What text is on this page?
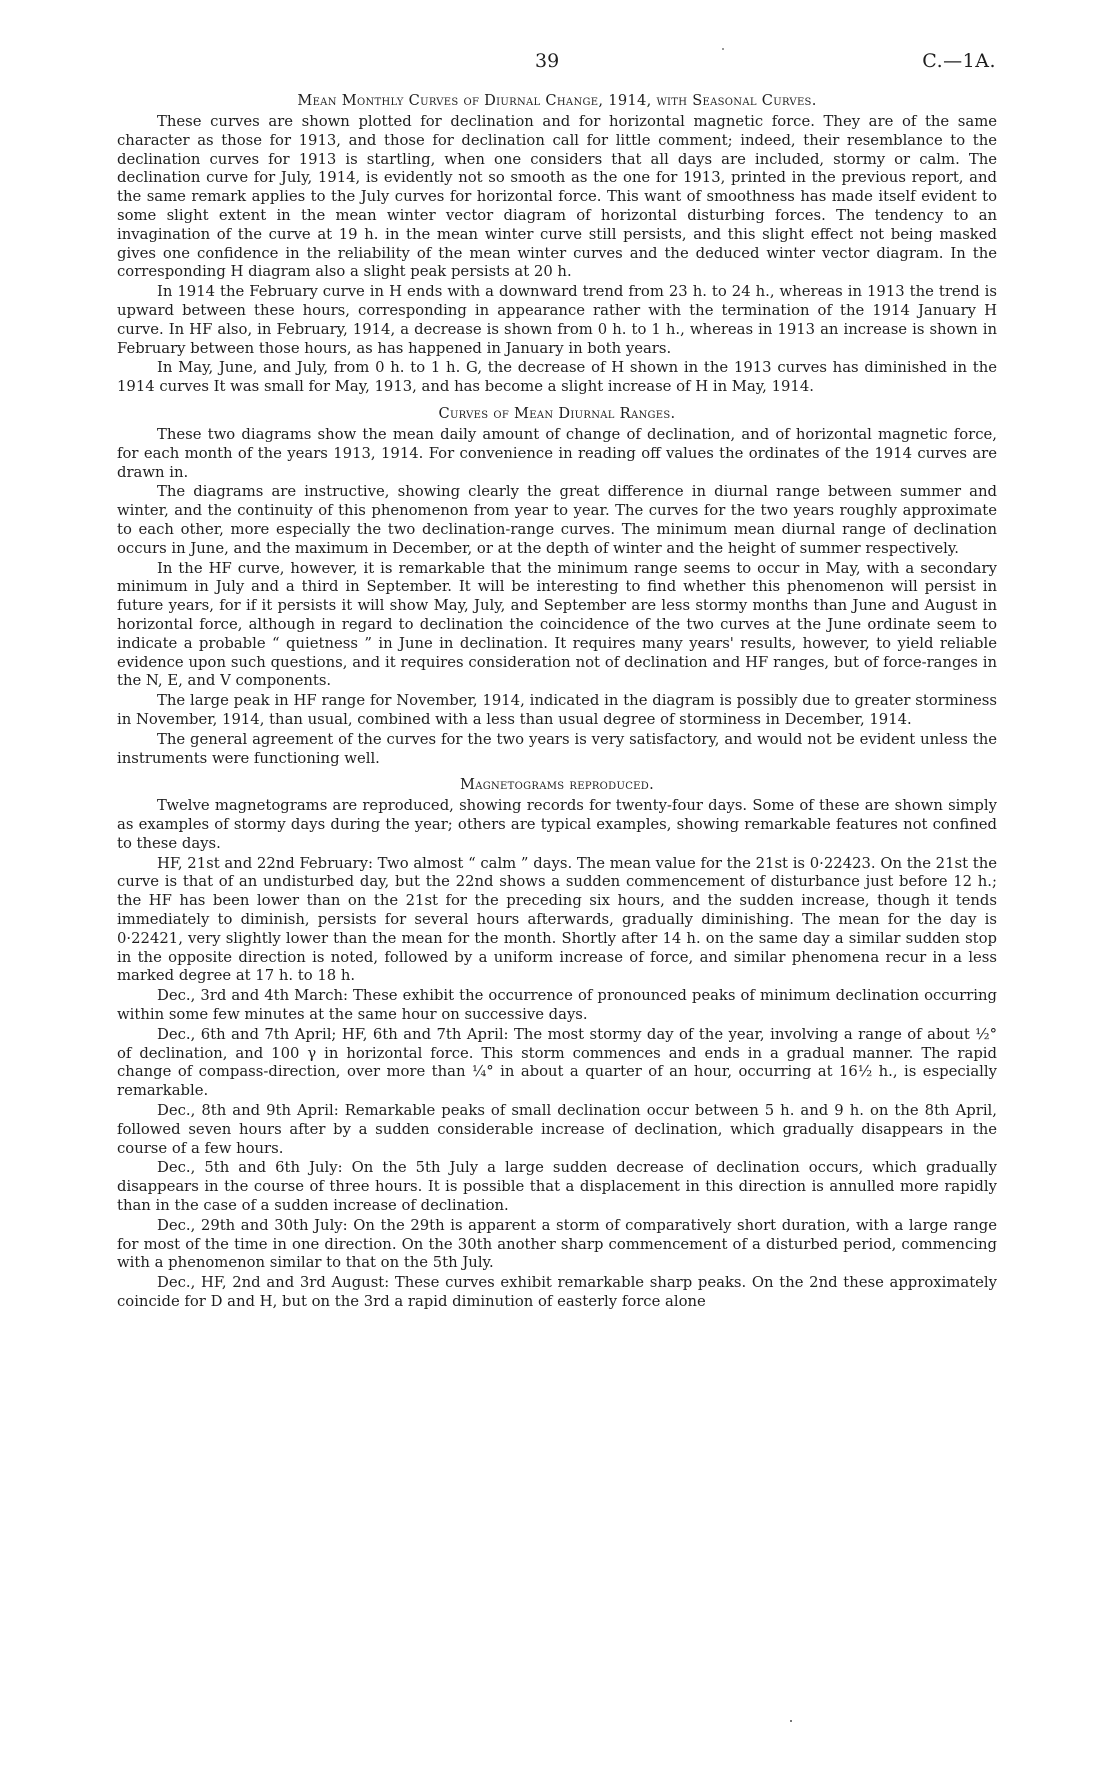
39	C.—1A.
Mean Monthly Curves of Diurnal Change, 1914, with Seasonal Curves.

These curves are shown plotted for declination and for horizontal magnetic force. They are of the same character as those for 1913, and those for declination call for little comment; indeed, their resemblance to the declination curves for 1913 is startling, when one considers that all days are included, stormy or calm. The declination curve for July, 1914, is evidently not so smooth as the one for 1913, printed in the previous report, and the same remark applies to the July curves for horizontal force. This want of smoothness has made itself evident to some slight extent in the mean winter vector diagram of horizontal disturbing forces. The tendency to an invagination of the curve at 19 h. in the mean winter curve still persists, and this slight effect not being masked gives one confidence in the reliability of the mean winter curves and the deduced winter vector diagram. In the corresponding H diagram also a slight peak persists at 20 h.

In 1914 the February curve in H ends with a downward trend from 23 h. to 24 h., whereas in 1913 the trend is upward between these hours, corresponding in appearance rather with the termination of the 1914 January H curve. In HF also, in February, 1914, a decrease is shown from 0 h. to 1 h., whereas in 1913 an increase is shown in February between those hours, as has happened in January in both years.

In May, June, and July, from 0 h. to 1 h. G, the decrease of H shown in the 1913 curves has diminished in the 1914 curves It was small for May, 1913, and has become a slight increase of H in May, 1914.

Curves of Mean Diurnal Ranges.

These two diagrams show the mean daily amount of change of declination, and of horizontal magnetic force, for each month of the years 1913, 1914. For convenience in reading off values the ordinates of the 1914 curves are drawn in.

The diagrams are instructive, showing clearly the great difference in diurnal range between summer and winter, and the continuity of this phenomenon from year to year. The curves for the two years roughly approximate to each other, more especially the two declination-range curves. The minimum mean diurnal range of declination occurs in June, and the maximum in December, or at the depth of winter and the height of summer respectively.

In the HF curve, however, it is remarkable that the minimum range seems to occur in May, with a secondary minimum in July and a third in September. It will be interesting to find whether this phenomenon will persist in future years, for if it persists it will show May, July, and September are less stormy months than June and August in horizontal force, although in regard to declination the coincidence of the two curves at the June ordinate seem to indicate a probable “ quietness ” in June in declination. It requires many years' results, however, to yield reliable evidence upon such questions, and it requires consideration not of declination and HF ranges, but of force-ranges in the N, E, and V components.

The large peak in HF range for November, 1914, indicated in the diagram is possibly due to greater storminess in November, 1914, than usual, combined with a less than usual degree of storminess in December, 1914.

The general agreement of the curves for the two years is very satisfactory, and would not be evident unless the instruments were functioning well.

Magnetograms reproduced.

Twelve magnetograms are reproduced, showing records for twenty-four days. Some of these are shown simply as examples of stormy days during the year; others are typical examples, showing remarkable features not confined to these days.

HF, 21st and 22nd February: Two almost “ calm ” days. The mean value for the 21st is 0·22423. On the 21st the curve is that of an undisturbed day, but the 22nd shows a sudden commencement of disturbance just before 12 h.; the HF has been lower than on the 21st for the preceding six hours, and the sudden increase, though it tends immediately to diminish, persists for several hours afterwards, gradually diminishing. The mean for the day is 0·22421, very slightly lower than the mean for the month. Shortly after 14 h. on the same day a similar sudden stop in the opposite direction is noted, followed by a uniform increase of force, and similar phenomena recur in a less marked degree at 17 h. to 18 h.

Dec., 3rd and 4th March: These exhibit the occurrence of pronounced peaks of minimum declination occurring within some few minutes at the same hour on successive days.

Dec., 6th and 7th April; HF, 6th and 7th April: The most stormy day of the year, involving a range of about ½° of declination, and 100 γ in horizontal force. This storm commences and ends in a gradual manner. The rapid change of compass-direction, over more than ¼° in about a quarter of an hour, occurring at 16½ h., is especially remarkable.

Dec., 8th and 9th April: Remarkable peaks of small declination occur between 5 h. and 9 h. on the 8th April, followed seven hours after by a sudden considerable increase of declination, which gradually disappears in the course of a few hours.

Dec., 5th and 6th July: On the 5th July a large sudden decrease of declination occurs, which gradually disappears in the course of three hours. It is possible that a displacement in this direction is annulled more rapidly than in the case of a sudden increase of declination.

Dec., 29th and 30th July: On the 29th is apparent a storm of comparatively short duration, with a large range for most of the time in one direction. On the 30th another sharp commencement of a disturbed period, commencing with a phenomenon similar to that on the 5th July.

Dec., HF, 2nd and 3rd August: These curves exhibit remarkable sharp peaks. On the 2nd these approximately coincide for D and H, but on the 3rd a rapid diminution of easterly force alone
